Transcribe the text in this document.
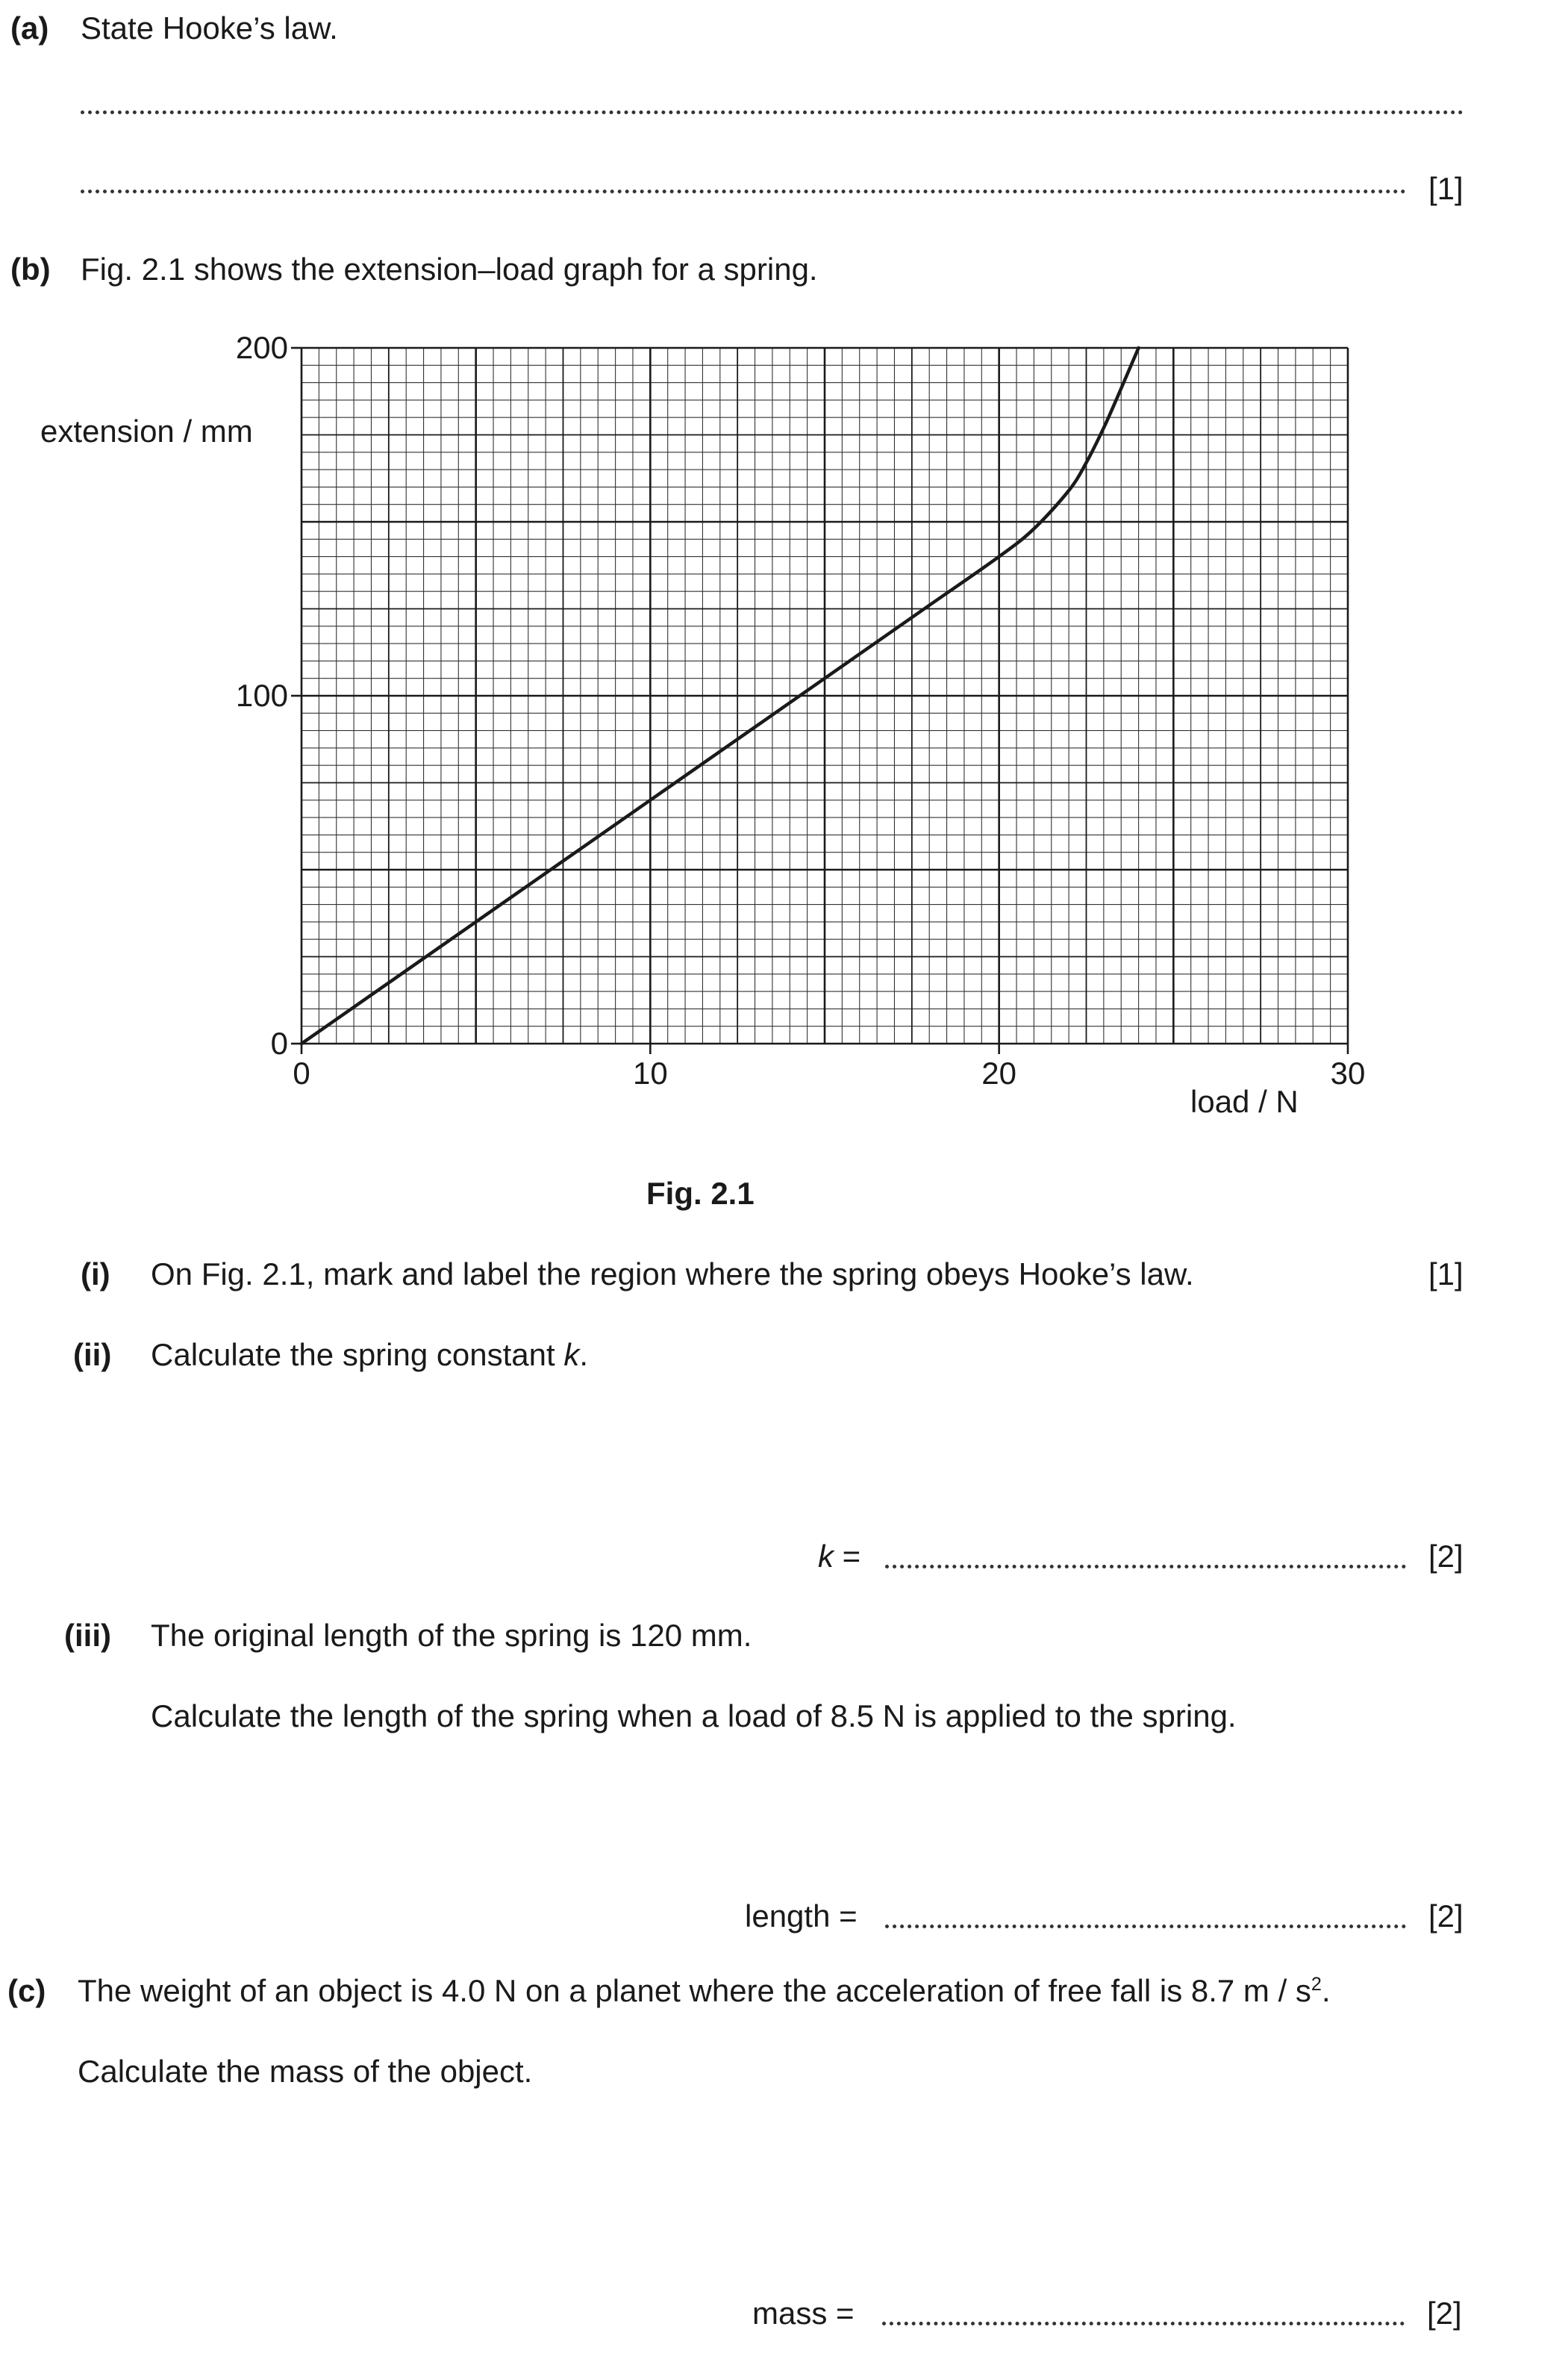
(a) State Hooke’s law.
[1]
(b) Fig. 2.1 shows the extension–load graph for a spring.
0	10	20	30
0
100
200
extension / mm
load / N
Fig. 2.1
(i) On Fig. 2.1, mark and label the region where the spring obeys Hooke’s law.	[1]
(ii) Calculate the spring constant k.
k =	[2]
(iii) The original length of the spring is 120 mm.
Calculate the length of the spring when a load of 8.5 N is applied to the spring.
length =	[2]
(c) The weight of an object is 4.0 N on a planet where the acceleration of free fall is 8.7 m / $s^2$.
Calculate the mass of the object.
mass =	[2]
